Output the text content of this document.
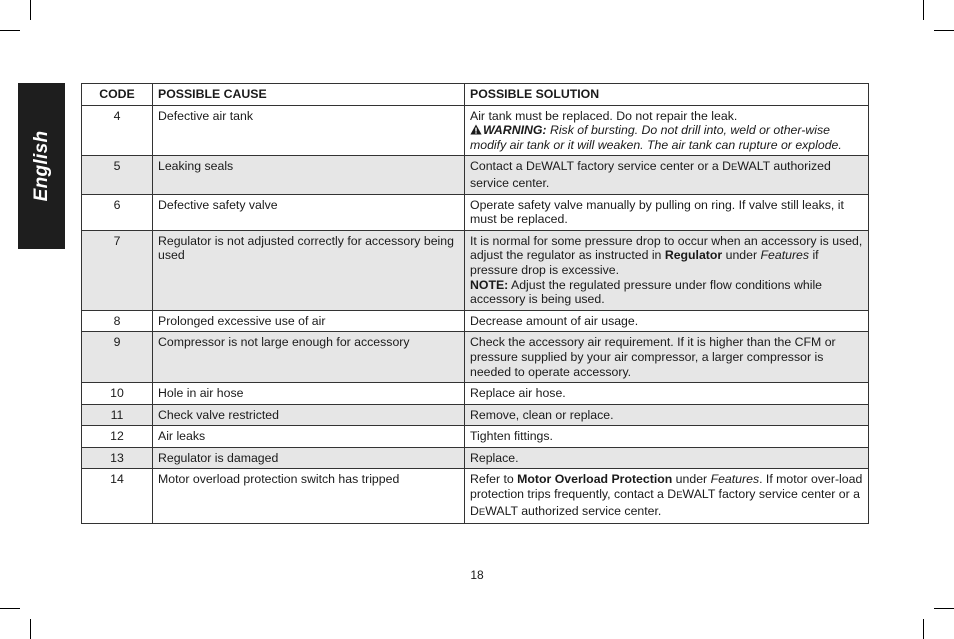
English
CODE	POSSIBLE CAUSE	POSSIBLE SOLUTION
4	Defective air tank	Air tank must be replaced. Do not repair the leak.
WARNING: Risk of bursting. Do not drill into, weld or other-wise modify air tank or it will weaken. The air tank can rupture or explode.

5	Leaking seals	Contact a DEWALT factory service center or a DEWALT authorized service center.
6	Defective safety valve	Operate safety valve manually by pulling on ring. If valve still leaks, it must be replaced.
7	Regulator is not adjusted correctly for accessory being used	It is normal for some pressure drop to occur when an accessory is used, adjust the regulator as instructed in Regulator under Features if pressure drop is excessive.
NOTE: Adjust the regulated pressure under flow conditions while accessory is being used.
8	Prolonged excessive use of air	Decrease amount of air usage.
9	Compressor is not large enough for accessory	Check the accessory air requirement. If it is higher than the CFM or pressure supplied by your air compressor, a larger compressor is needed to operate accessory.
10	Hole in air hose	Replace air hose.
11	Check valve restricted	Remove, clean or replace.
12	Air leaks	Tighten fittings.
13	Regulator is damaged	Replace.
14	Motor overload protection switch has tripped	Refer to Motor Overload Protection under Features. If motor over-load protection trips frequently, contact a DEWALT factory service center or a DEWALT authorized service center.
18
